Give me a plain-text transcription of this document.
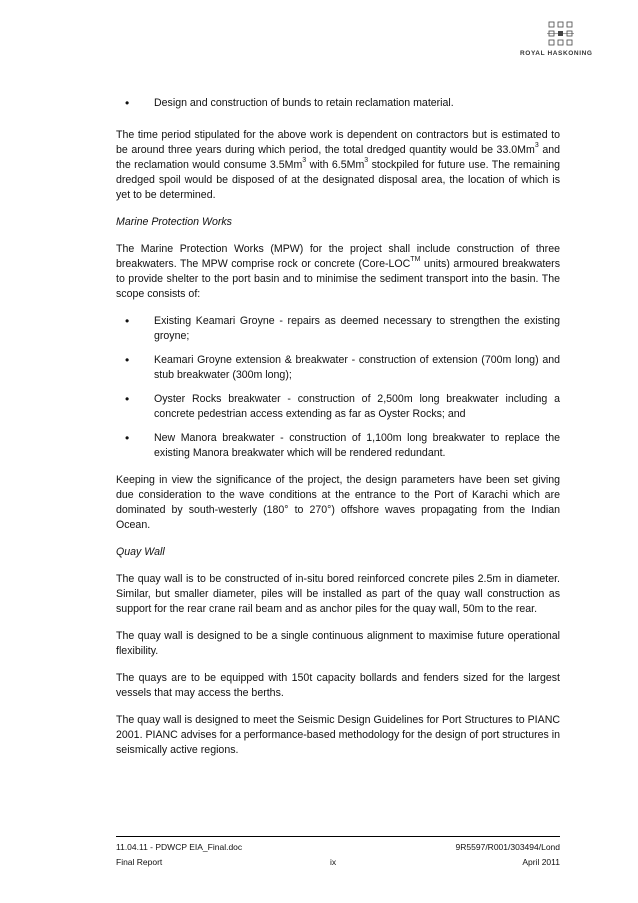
ROYAL HASKONING
• Design and construction of bunds to retain reclamation material.

The time period stipulated for the above work is dependent on contractors but is estimated to be around three years during which period, the total dredged quantity would be 33.0Mm$^3$ and the reclamation would consume 3.5Mm$^3$ with 6.5Mm$^3$ stockpiled for future use. The remaining dredged spoil would be disposed of at the designated disposal area, the location of which is yet to be determined.

Marine Protection Works

The Marine Protection Works (MPW) for the project shall include construction of three breakwaters. The MPW comprise rock or concrete (Core-LOC™ units) armoured breakwaters to provide shelter to the port basin and to minimise the sediment transport into the basin. The scope consists of:

• Existing Keamari Groyne - repairs as deemed necessary to strengthen the existing groyne;
• Keamari Groyne extension & breakwater - construction of extension (700m long) and stub breakwater (300m long);
• Oyster Rocks breakwater - construction of 2,500m long breakwater including a concrete pedestrian access extending as far as Oyster Rocks; and
• New Manora breakwater - construction of 1,100m long breakwater to replace the existing Manora breakwater which will be rendered redundant.

Keeping in view the significance of the project, the design parameters have been set giving due consideration to the wave conditions at the entrance to the Port of Karachi which are dominated by south-westerly (180° to 270°) offshore waves propagating from the Indian Ocean.

Quay Wall

The quay wall is to be constructed of in-situ bored reinforced concrete piles 2.5m in diameter. Similar, but smaller diameter, piles will be installed as part of the quay wall construction as support for the rear crane rail beam and as anchor piles for the quay wall, 50m to the rear.

The quay wall is designed to be a single continuous alignment to maximise future operational flexibility.

The quays are to be equipped with 150t capacity bollards and fenders sized for the largest vessels that may access the berths.

The quay wall is designed to meet the Seismic Design Guidelines for Port Structures to PIANC 2001. PIANC advises for a performance-based methodology for the design of port structures in seismically active regions.

11.04.11 - PDWCP EIA_Final.doc	9R5597/R001/303494/Lond
Final Report	ix	April 2011
